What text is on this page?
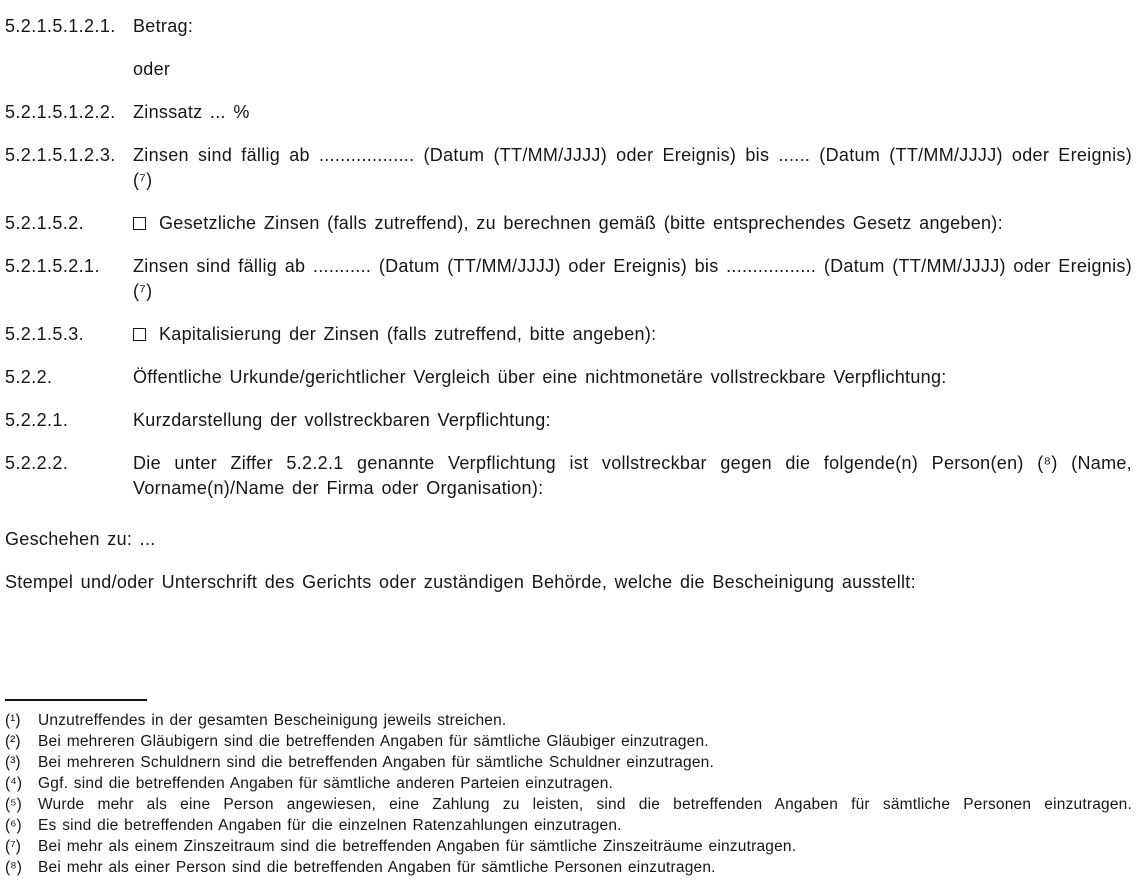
5.2.1.5.1.2.1. Betrag:
oder
5.2.1.5.1.2.2. Zinssatz ... %
5.2.1.5.1.2.3. Zinsen sind fällig ab .................. (Datum (TT/MM/JJJJ) oder Ereignis) bis ...... (Datum (TT/MM/JJJJ) oder Ereignis) (⁷)
5.2.1.5.2.	Gesetzliche Zinsen (falls zutreffend), zu berechnen gemäß (bitte entsprechendes Gesetz angeben):
5.2.1.5.2.1.	Zinsen sind fällig ab ........... (Datum (TT/MM/JJJJ) oder Ereignis) bis ................. (Datum (TT/MM/JJJJ) oder Ereignis) (⁷)
5.2.1.5.3.	Kapitalisierung der Zinsen (falls zutreffend, bitte angeben):
5.2.2.	Öffentliche Urkunde/gerichtlicher Vergleich über eine nichtmonetäre vollstreckbare Verpflichtung:
5.2.2.1.	Kurzdarstellung der vollstreckbaren Verpflichtung:
5.2.2.2.	Die unter Ziffer 5.2.2.1 genannte Verpflichtung ist vollstreckbar gegen die folgende(n) Person(en) (⁸) (Name, Vorname(n)/Name der Firma oder Organisation):

Geschehen zu: ...

Stempel und/oder Unterschrift des Gerichts oder zuständigen Behörde, welche die Bescheinigung ausstellt:

(¹)	Unzutreffendes in der gesamten Bescheinigung jeweils streichen.
(²)	Bei mehreren Gläubigern sind die betreffenden Angaben für sämtliche Gläubiger einzutragen.
(³)	Bei mehreren Schuldnern sind die betreffenden Angaben für sämtliche Schuldner einzutragen.
(⁴)	Ggf. sind die betreffenden Angaben für sämtliche anderen Parteien einzutragen.
(⁵)	Wurde mehr als eine Person angewiesen, eine Zahlung zu leisten, sind die betreffenden Angaben für sämtliche Personen einzutragen.
(⁶)	Es sind die betreffenden Angaben für die einzelnen Ratenzahlungen einzutragen.
(⁷)	Bei mehr als einem Zinszeitraum sind die betreffenden Angaben für sämtliche Zinszeiträume einzutragen.
(⁸)	Bei mehr als einer Person sind die betreffenden Angaben für sämtliche Personen einzutragen.
